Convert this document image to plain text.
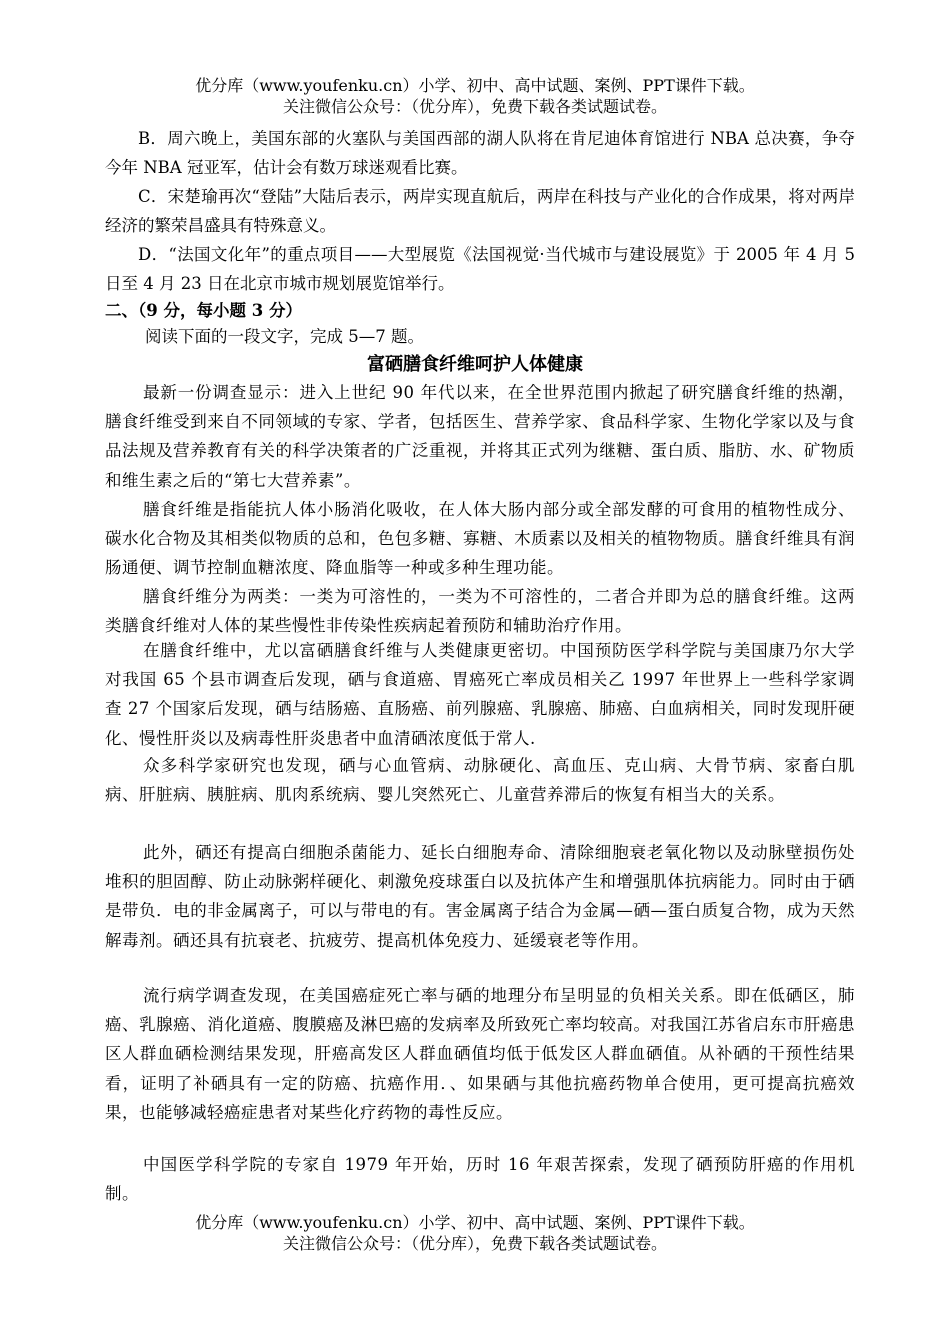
优分库（www.youfenku.cn）小学、初中、高中试题、案例、PPT课件下载。
关注微信公众号：（优分库），免费下载各类试题试卷。
B．周六晚上，美国东部的火塞队与美国西部的湖人队将在肯尼迪体育馆进行 NBA 总决赛，争夺今年 NBA 冠亚军，估计会有数万球迷观看比赛。
C．宋楚瑜再次“登陆”大陆后表示，两岸实现直航后，两岸在科技与产业化的合作成果，将对两岸经济的繁荣昌盛具有特殊意义。
D．“法国文化年”的重点项目——大型展览《法国视觉·当代城市与建设展览》于 2005 年 4 月 5 日至 4 月 23 日在北京市城市规划展览馆举行。
二、（9 分，每小题 3 分）
阅读下面的一段文字，完成 5—7 题。
富硒膳食纤维呵护人体健康
最新一份调查显示：进入上世纪 90 年代以来，在全世界范围内掀起了研究膳食纤维的热潮，膳食纤维受到来自不同领域的专家、学者，包括医生、营养学家、食品科学家、生物化学家以及与食品法规及营养教育有关的科学决策者的广泛重视，并将其正式列为继糖、蛋白质、脂肪、水、矿物质和维生素之后的“第七大营养素”。
膳食纤维是指能抗人体小肠消化吸收，在人体大肠内部分或全部发酵的可食用的植物性成分、碳水化合物及其相类似物质的总和，色包多糖、寡糖、木质素以及相关的植物物质。膳食纤维具有润肠通便、调节控制血糖浓度、降血脂等一种或多种生理功能。
膳食纤维分为两类：一类为可溶性的，一类为不可溶性的，二者合并即为总的膳食纤维。这两类膳食纤维对人体的某些慢性非传染性疾病起着预防和辅助治疗作用。
在膳食纤维中，尤以富硒膳食纤维与人类健康更密切。中国预防医学科学院与美国康乃尔大学对我国 65 个县市调查后发现，硒与食道癌、胃癌死亡率成员相关乙 1997 年世界上一些科学家调查 27 个国家后发现，硒与结肠癌、直肠癌、前列腺癌、乳腺癌、肺癌、白血病相关，同时发现肝硬化、慢性肝炎以及病毒性肝炎患者中血清硒浓度低于常人.
众多科学家研究也发现，硒与心血管病、动脉硬化、高血压、克山病、大骨节病、家畜白肌病、肝脏病、胰脏病、肌肉系统病、婴儿突然死亡、儿童营养滞后的恢复有相当大的关系。
此外，硒还有提高白细胞杀菌能力、延长白细胞寿命、清除细胞衰老氧化物以及动脉壁损伤处堆积的胆固醇、防止动脉粥样硬化、刺激免疫球蛋白以及抗体产生和增强肌体抗病能力。同时由于硒是带负．电的非金属离子，可以与带电的有。害金属离子结合为金属—硒—蛋白质复合物，成为天然解毒剂。硒还具有抗衰老、抗疲劳、提高机体免疫力、延缓衰老等作用。
流行病学调查发现，在美国癌症死亡率与硒的地理分布呈明显的负相关关系。即在低硒区，肺癌、乳腺癌、消化道癌、腹膜癌及淋巴癌的发病率及所致死亡率均较高。对我国江苏省启东市肝癌患区人群血硒检测结果发现，肝癌高发区人群血硒值均低于低发区人群血硒值。从补硒的干预性结果看，证明了补硒具有一定的防癌、抗癌作用．、如果硒与其他抗癌药物单合使用，更可提高抗癌效果，也能够减轻癌症患者对某些化疗药物的毒性反应。
中国医学科学院的专家自 1979 年开始，历时 16 年艰苦探索，发现了硒预防肝癌的作用机制。
优分库（www.youfenku.cn）小学、初中、高中试题、案例、PPT课件下载。
关注微信公众号：（优分库），免费下载各类试题试卷。
